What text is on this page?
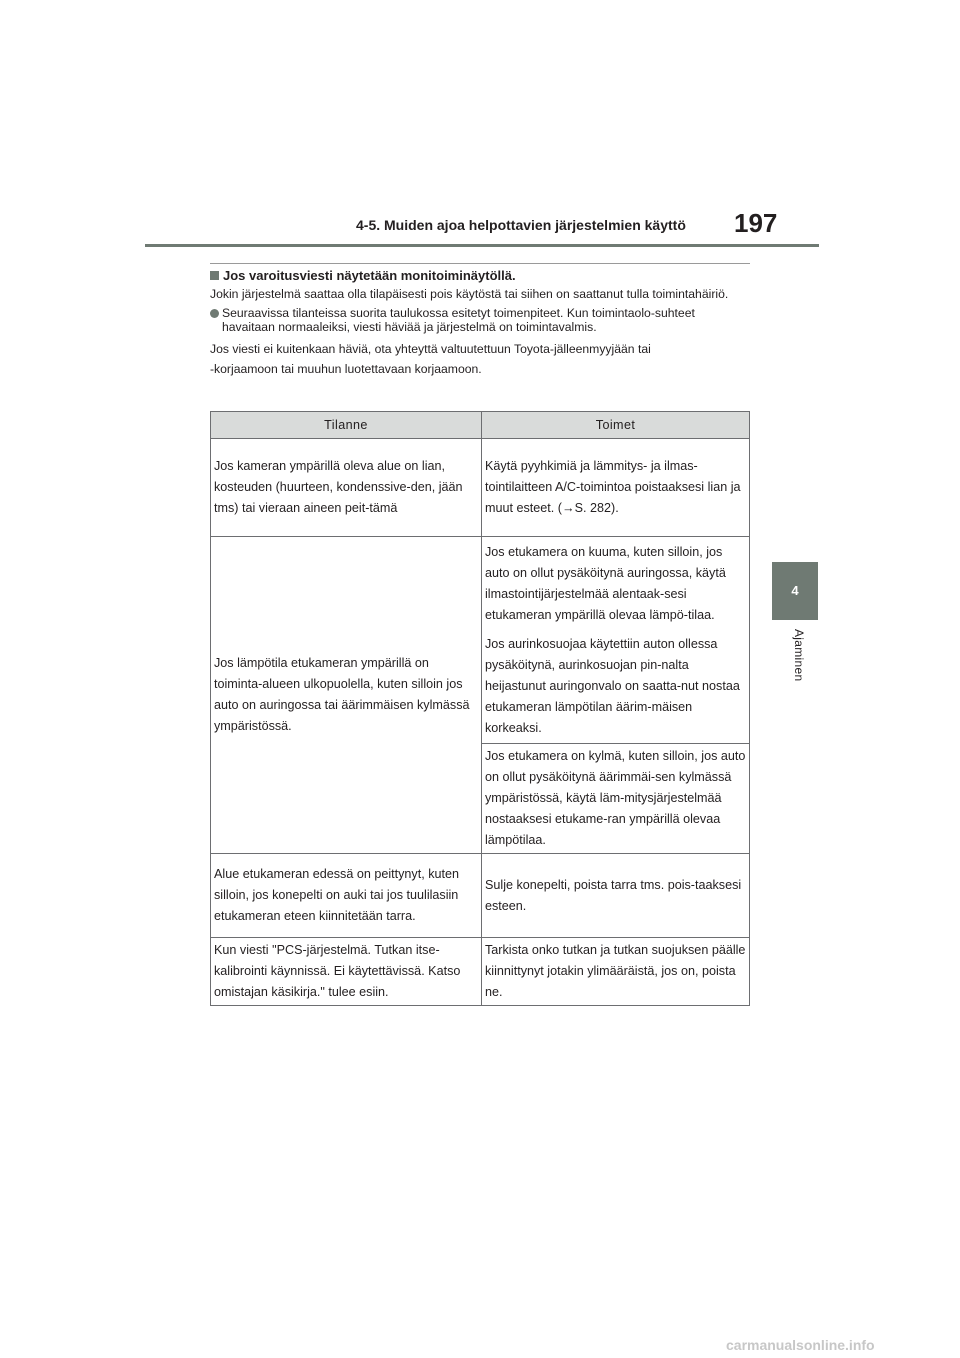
4-5. Muiden ajoa helpottavien järjestelmien käyttö 197
4
Ajaminen
Jos varoitusviesti näytetään monitoiminäytöllä.

Jokin järjestelmä saattaa olla tilapäisesti pois käytöstä tai siihen on saattanut tulla toimintahäiriö.

Seuraavissa tilanteissa suorita taulukossa esitetyt toimenpiteet. Kun toimintaolo-suhteet havaitaan normaaleiksi, viesti häviää ja järjestelmä on toimintavalmis.

Jos viesti ei kuitenkaan häviä, ota yhteyttä valtuutettuun Toyota-jälleenmyyjään tai

-korjaamoon tai muuhun luotettavaan korjaamoon.

Tilanne	Toimet
Jos kameran ympärillä oleva alue on lian, kosteuden (huurteen, kondenssive-den, jään tms) tai vieraan aineen peit-tämä	Käytä pyyhkimiä ja lämmitys- ja ilmas-tointilaitteen A/C-toimintoa poistaaksesi lian ja muut esteet. (→S. 282).
Jos lämpötila etukameran ympärillä on toiminta-alueen ulkopuolella, kuten silloin jos auto on auringossa tai äärimmäisen kylmässä ympäristössä.	Jos etukamera on kuuma, kuten silloin, jos auto on ollut pysäköitynä auringossa, käytä ilmastointijärjestelmää alentaak-sesi etukameran ympärillä olevaa lämpö-tilaa.

Jos aurinkosuojaa käytettiin auton ollessa pysäköitynä, aurinkosuojan pin-nalta heijastunut auringonvalo on saatta-nut nostaa etukameran lämpötilan äärim-mäisen korkeaksi.

	Jos etukamera on kylmä, kuten silloin, jos auto on ollut pysäköitynä äärimmäi-sen kylmässä ympäristössä, käytä läm-mitysjärjestelmää nostaaksesi etukame-ran ympärillä olevaa lämpötilaa.
Alue etukameran edessä on peittynyt, kuten silloin, jos konepelti on auki tai jos tuulilasiin etukameran eteen kiinnitetään tarra.	Sulje konepelti, poista tarra tms. pois-taaksesi esteen.
Kun viesti "PCS-järjestelmä. Tutkan itse-kalibrointi käynnissä. Ei käytettävissä. Katso omistajan käsikirja." tulee esiin.	Tarkista onko tutkan ja tutkan suojuksen päälle kiinnittynyt jotakin ylimääräistä, jos on, poista ne.
carmanualsonline.info
